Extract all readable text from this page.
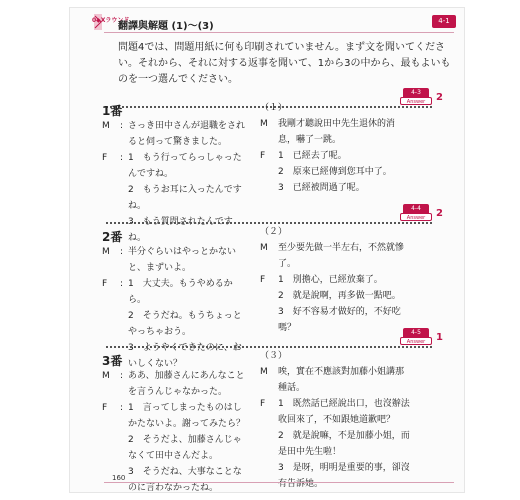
0◆Xラウンド
翻譯與解題 (1)～(3)	4-1
問題4では、問題用紙に何も印刷されていません。まず文を聞いてください。それから、それに対する返事を聞いて、1から3の中から、最もよいものを一つ選んでください。
4-3
Answer	2
1番
M	: さっき田中さんが退職をされると伺って驚きました。
F	: 1　もう行ってらっしゃったんですね。
2　もうお耳に入ったんですね。
3　もう質問されたんですね。
（１）
M	我剛才聽說田中先生退休的消息，嚇了一跳。
F	1　已經去了呢。
2　原來已經傳到您耳中了。
3　已經被問過了呢。
4-4
Answer	2
2番
M	: 半分ぐらいはやっとかないと、まずいよ。
F	: 1　大丈夫。もうやめるから。
2　そうだね。もうちょっとやっちゃおう。
3　ようやくできたのに、おいしくない？
（２）
M	至少要先做一半左右，不然就慘了。
F	1　別擔心，已經放棄了。
2　就是說啊，再多做一點吧。
3　好不容易才做好的，不好吃嗎？	4-5
Answer	1
3番
M	: ああ、加藤さんにあんなことを言うんじゃなかった。
F	: 1　言ってしまったものはしかたないよ。謝ってみたら？
2　そうだよ、加藤さんじゃなくて田中さんだよ。
3　そうだね、大事なことなのに言わなかったね。
（３）
M	唉，實在不應該對加藤小姐講那種話。
F	1　既然話已經說出口，也沒辦法收回來了，不如跟她道歉吧？
2　就是說嘛，不是加藤小姐，而是田中先生啦！
3　是呀，明明是重要的事，卻沒有告訴她。
160
